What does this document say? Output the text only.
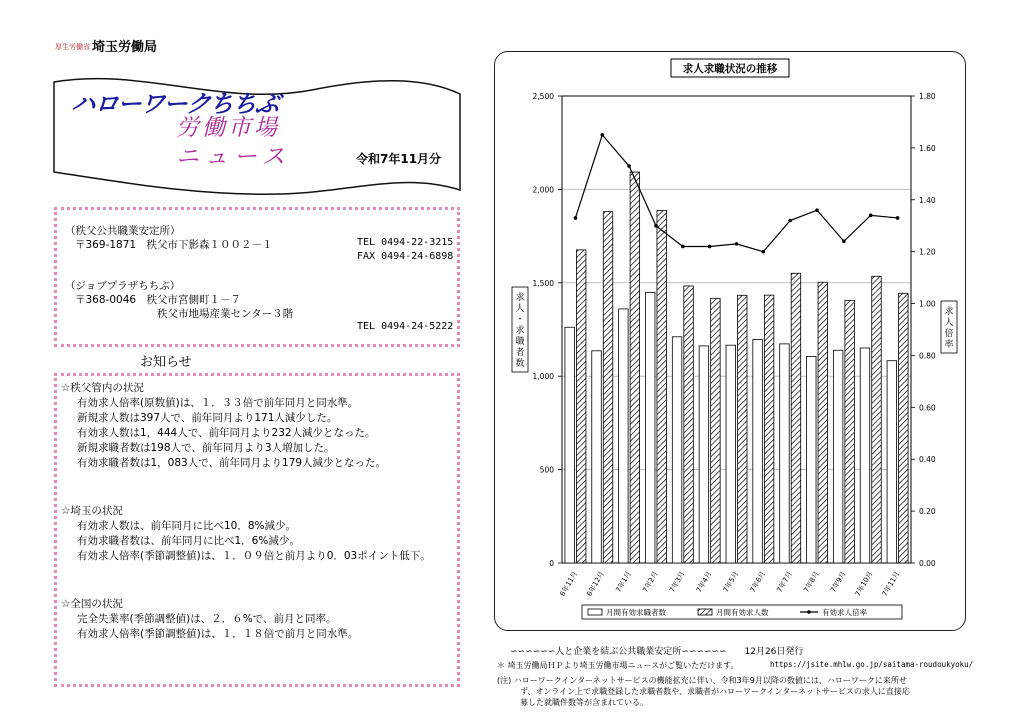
厚生労働省 埼玉労働局
ハローワークちちぶ
労働市場
ニュース	令和7年11月分
（秩父公共職業安定所）
〒369-1871　秩父市下影森１００２－１	TEL 0494-22-3215
FAX 0494-24-6898
（ジョブプラザちちぶ）
〒368-0046　秩父市宮側町１－７
秩父市地場産業センター３階
TEL 0494-24-5222
お知らせ
☆秩父管内の状況
有効求人倍率(原数値)は、１．３３倍で前年同月と同水準。
新規求人数は397人で、前年同月より171人減少した。
有効求人数は1，444人で、前年同月より232人減少となった。
新規求職者数は198人で、前年同月より3人増加した。
有効求職者数は1，083人で、前年同月より179人減少となった。
☆埼玉の状況
有効求人数は、前年同月に比べ10．8%減少。
有効求職者数は、前年同月に比べ1．6%減少。
有効求人倍率(季節調整値)は、１．０９倍と前月より0．03ポイント低下。
☆全国の状況
完全失業率(季節調整値)は、２．６%で、前月と同率。
有効求人倍率(季節調整値)は、１．１８倍で前月と同水準。
求人求職状況の推移
0
500
1,000
1,500
2,000
2,500
0.00
0.20
0.40
0.60
0.80
1.00
1.20
1.40
1.60
1.80
6年11月 6年12月 7年1月 7年2月 7年3月 7年4月 7年5月 7年6月 7年7月 7年8月 7年9月 7年10月 7年11月
求人・求職者数
求人倍率
月間有効求職者数	月間有効求人数	有効求人倍率
∽∽∽∽∽∽人と企業を結ぶ公共職業安定所∽∽∽∽∽∽　　12月26日発行
＊ 埼玉労働局ＨＰより埼玉労働市場ニュースがご覧いただけます。	https://jsite.mhlw.go.jp/saitama-roudoukyoku/
(注) ハローワークインターネットサービスの機能拡充に伴い、令和3年9月以降の数値には、ハローワークに来所せ
ず、オンライン上で求職登録した求職者数や、求職者がハローワークインターネットサービスの求人に直接応
募した就職件数等が含まれている。
